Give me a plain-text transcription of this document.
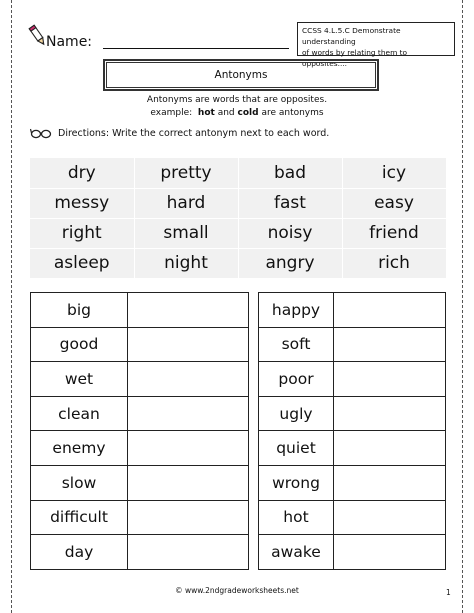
Name:
CCSS 4.L.5.C Demonstrate understanding
of words by relating them to opposites....
Antonyms
Antonyms are words that are opposites.
example: hot and cold are antonyms
Directions: Write the correct antonym next to each word.
dry	pretty	bad	icy
messy	hard	fast	easy
right	small	noisy	friend
asleep	night	angry	rich
big	
good	
wet	
clean	
enemy	
slow	
difficult	
day	
happy	
soft	
poor	
ugly	
quiet	
wrong	
hot	
awake	
© www.2ndgradeworksheets.net	1
